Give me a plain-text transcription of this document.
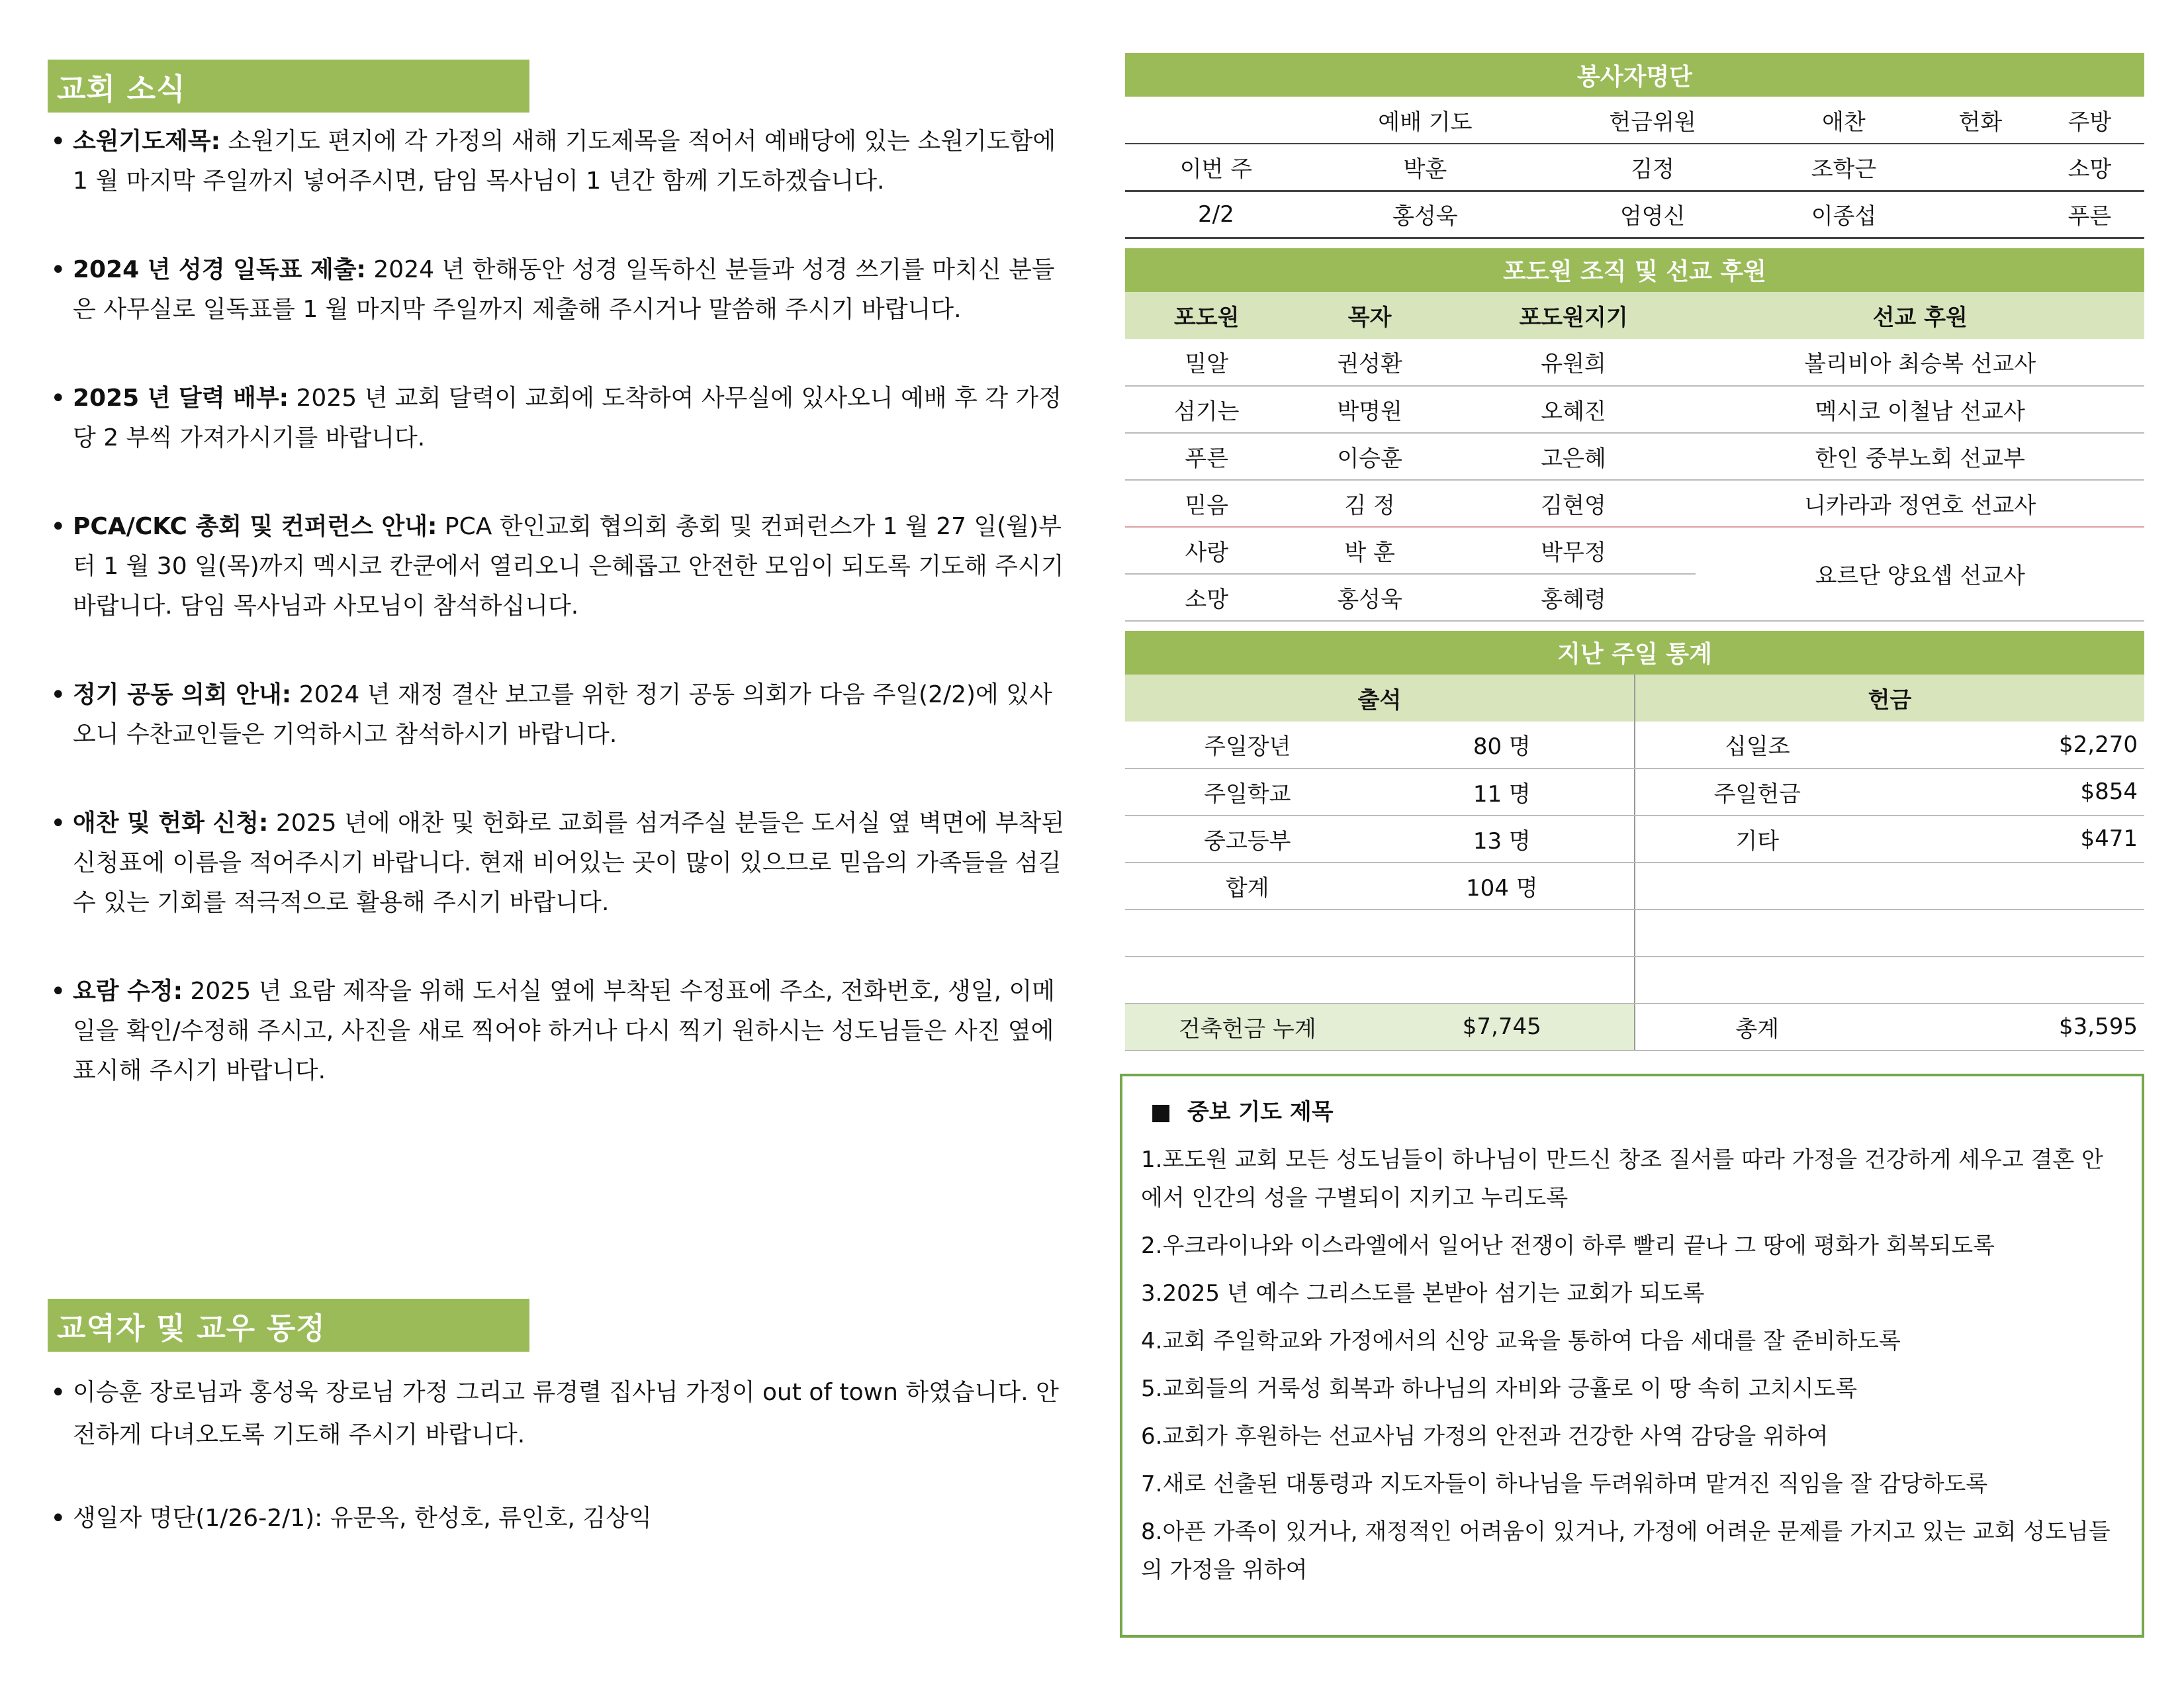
교회 소식
• 소원기도제목: 소원기도 편지에 각 가정의 새해 기도제목을 적어서 예배당에 있는 소원기도함에 1 월 마지막 주일까지 넣어주시면, 담임 목사님이 1 년간 함께 기도하겠습니다.
• 2024 년 성경 일독표 제출: 2024 년 한해동안 성경 일독하신 분들과 성경 쓰기를 마치신 분들은 사무실로 일독표를 1 월 마지막 주일까지 제출해 주시거나 말씀해 주시기 바랍니다.
• 2025 년 달력 배부: 2025 년 교회 달력이 교회에 도착하여 사무실에 있사오니 예배 후 각 가정 당 2 부씩 가져가시기를 바랍니다.
• PCA/CKC 총회 및 컨퍼런스 안내: PCA 한인교회 협의회 총회 및 컨퍼런스가 1 월 27 일(월)부터 1 월 30 일(목)까지 멕시코 칸쿤에서 열리오니 은혜롭고 안전한 모임이 되도록 기도해 주시기 바랍니다. 담임 목사님과 사모님이 참석하십니다.
• 정기 공동 의회 안내: 2024 년 재정 결산 보고를 위한 정기 공동 의회가 다음 주일(2/2)에 있사오니 수찬교인들은 기억하시고 참석하시기 바랍니다.
• 애찬 및 헌화 신청: 2025 년에 애찬 및 헌화로 교회를 섬겨주실 분들은 도서실 옆 벽면에 부착된 신청표에 이름을 적어주시기 바랍니다. 현재 비어있는 곳이 많이 있으므로 믿음의 가족들을 섬길 수 있는 기회를 적극적으로 활용해 주시기 바랍니다.
• 요람 수정: 2025 년 요람 제작을 위해 도서실 옆에 부착된 수정표에 주소, 전화번호, 생일, 이메일을 확인/수정해 주시고, 사진을 새로 찍어야 하거나 다시 찍기 원하시는 성도님들은 사진 옆에 표시해 주시기 바랍니다.
교역자 및 교우 동정
• 이승훈 장로님과 홍성욱 장로님 가정 그리고 류경렬 집사님 가정이 out of town 하였습니다. 안전하게 다녀오도록 기도해 주시기 바랍니다.
• 생일자 명단(1/26-2/1): 유문옥, 한성호, 류인호, 김상익
봉사자명단
	예배 기도	헌금위원	애찬	헌화	주방
이번 주	박훈	김정	조학근		소망
2/2	홍성욱	엄영신	이종섭		푸른
포도원 조직 및 선교 후원
포도원	목자	포도원지기	선교 후원
밀알	권성환	유원희	볼리비아 최승복 선교사
섬기는	박명원	오혜진	멕시코 이철남 선교사
푸른	이승훈	고은혜	한인 중부노회 선교부
믿음	김 정	김현영	니카라과 정연호 선교사
사랑	박 훈	박무정	요르단 양요셉 선교사
소망	홍성욱	홍혜령	
지난 주일 통계
출석		헌금	
주일장년	80 명	십일조	$2,270
주일학교	11 명	주일헌금	$854
중고등부	13 명	기타	$471
합계	104 명		

건축헌금 누계	$7,745	총계	$3,595
■ 중보 기도 제목

1.포도원 교회 모든 성도님들이 하나님이 만드신 창조 질서를 따라 가정을 건강하게 세우고 결혼 안에서 인간의 성을 구별되이 지키고 누리도록

2.우크라이나와 이스라엘에서 일어난 전쟁이 하루 빨리 끝나 그 땅에 평화가 회복되도록

3.2025 년 예수 그리스도를 본받아 섬기는 교회가 되도록

4.교회 주일학교와 가정에서의 신앙 교육을 통하여 다음 세대를 잘 준비하도록

5.교회들의 거룩성 회복과 하나님의 자비와 긍휼로 이 땅 속히 고치시도록

6.교회가 후원하는 선교사님 가정의 안전과 건강한 사역 감당을 위하여

7.새로 선출된 대통령과 지도자들이 하나님을 두려워하며 맡겨진 직임을 잘 감당하도록

8.아픈 가족이 있거나, 재정적인 어려움이 있거나, 가정에 어려운 문제를 가지고 있는 교회 성도님들의 가정을 위하여
